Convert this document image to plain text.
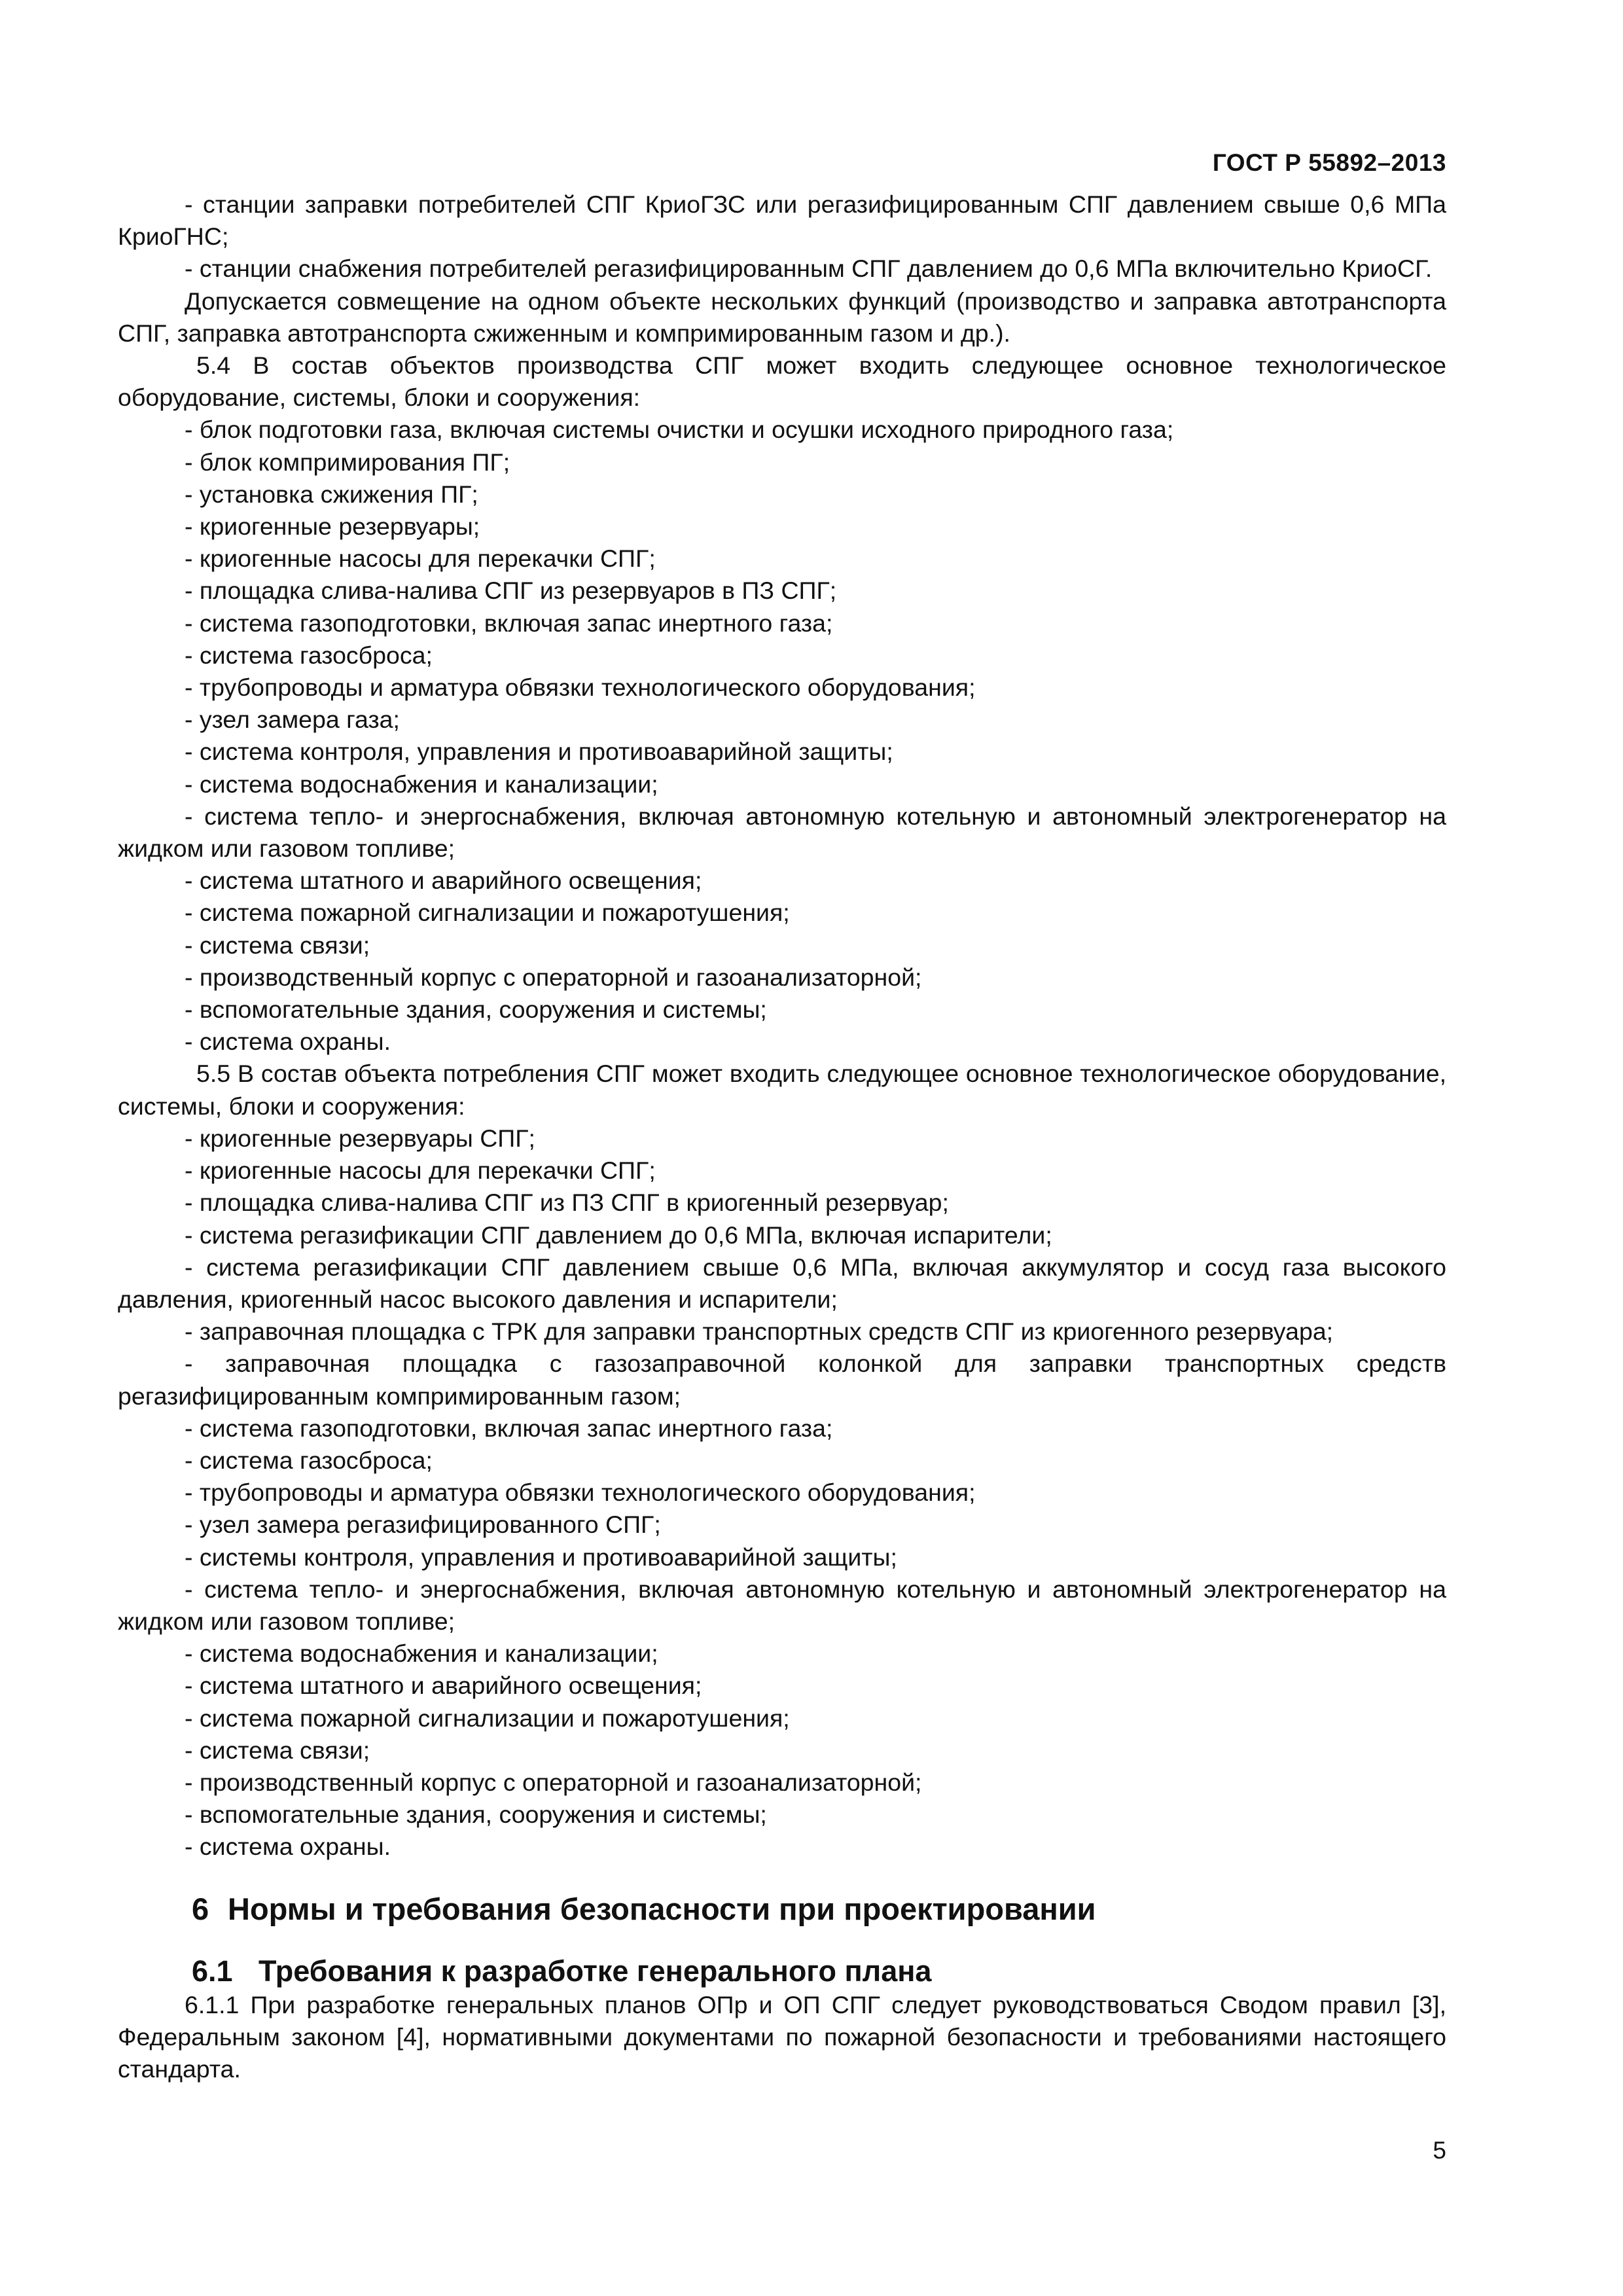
ГОСТ Р 55892–2013

- станции заправки потребителей СПГ КриоГЗС или регазифицированным СПГ давлением свыше 0,6 МПа КриоГНС;

- станции снабжения потребителей регазифицированным СПГ давлением до 0,6 МПа включительно КриоСГ.

Допускается совмещение на одном объекте нескольких функций (производство и заправка автотранспорта СПГ, заправка автотранспорта сжиженным и компримированным газом и др.).

5.4 В состав объектов производства СПГ может входить следующее основное технологическое оборудование, системы, блоки и сооружения:

- блок подготовки газа, включая системы очистки и осушки исходного природного газа;

- блок компримирования ПГ;

- установка сжижения ПГ;

- криогенные резервуары;

- криогенные насосы для перекачки СПГ;

- площадка слива-налива СПГ из резервуаров в ПЗ СПГ;

- система газоподготовки, включая запас инертного газа;

- система газосброса;

- трубопроводы и арматура обвязки технологического оборудования;

- узел замера газа;

- система контроля, управления и противоаварийной защиты;

- система водоснабжения и канализации;

- система тепло- и энергоснабжения, включая автономную котельную и автономный электрогенератор на жидком или газовом топливе;

- система штатного и аварийного освещения;

- система пожарной сигнализации и пожаротушения;

- система связи;

- производственный корпус с операторной и газоанализаторной;

- вспомогательные здания, сооружения и системы;

- система охраны.

5.5 В состав объекта потребления СПГ может входить следующее основное технологическое оборудование, системы, блоки и сооружения:

- криогенные резервуары СПГ;

- криогенные насосы для перекачки СПГ;

- площадка слива-налива СПГ из ПЗ СПГ в криогенный резервуар;

- система регазификации СПГ давлением до 0,6 МПа, включая испарители;

- система регазификации СПГ давлением свыше 0,6 МПа, включая аккумулятор и сосуд газа высокого давления, криогенный насос высокого давления и испарители;

- заправочная площадка с ТРК для заправки транспортных средств СПГ из криогенного резервуара;

- заправочная площадка с газозаправочной колонкой для заправки транспортных средств регазифицированным компримированным газом;

- система газоподготовки, включая запас инертного газа;

- система газосброса;

- трубопроводы и арматура обвязки технологического оборудования;

- узел замера регазифицированного СПГ;

- системы контроля, управления и противоаварийной защиты;

- система тепло- и энергоснабжения, включая автономную котельную и автономный электрогенератор на жидком или газовом топливе;

- система водоснабжения и канализации;

- система штатного и аварийного освещения;

- система пожарной сигнализации и пожаротушения;

- система связи;

- производственный корпус с операторной и газоанализаторной;

- вспомогательные здания, сооружения и системы;

- система охраны.

6 Нормы и требования безопасности при проектировании
6.1 Требования к разработке генерального плана

6.1.1 При разработке генеральных планов ОПр и ОП СПГ следует руководствоваться Сводом правил [3], Федеральным законом [4], нормативными документами по пожарной безопасности и требованиями настоящего стандарта.

5
